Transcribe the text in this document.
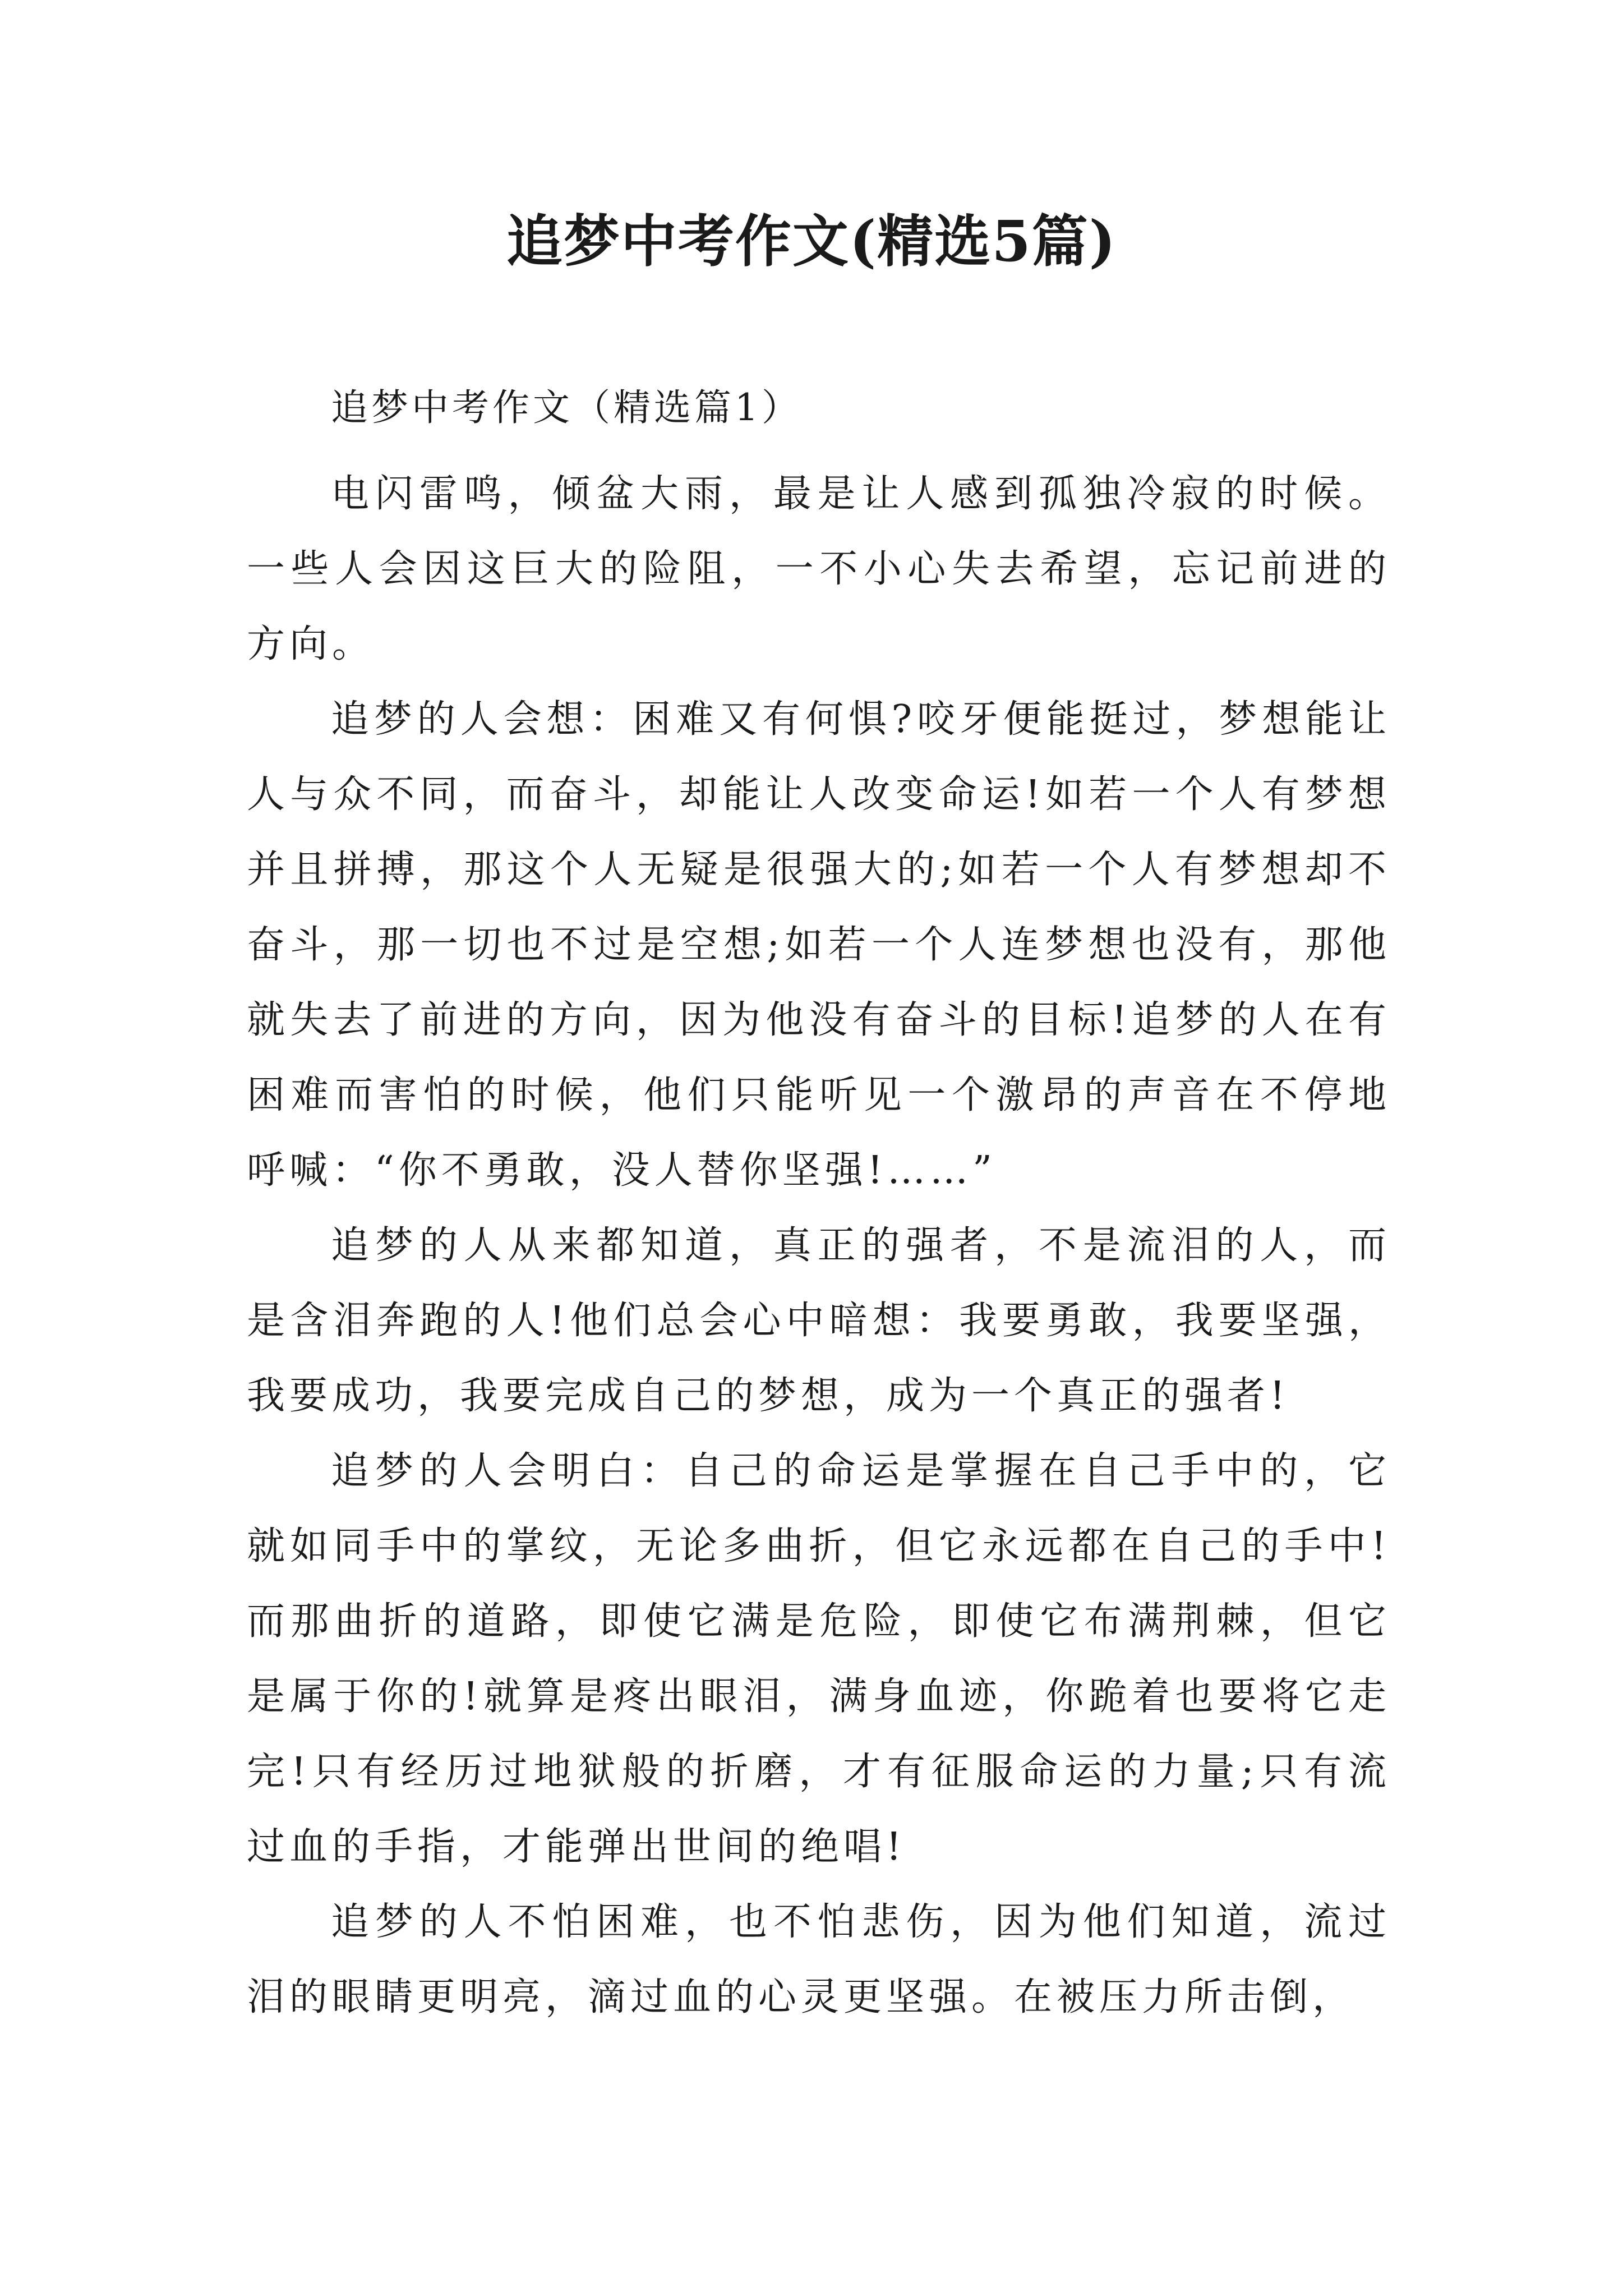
追梦中考作文(精选5篇)

追梦中考作文（精选篇1）

电闪雷鸣，倾盆大雨，最是让人感到孤独冷寂的时候。一些人会因这巨大的险阻，一不小心失去希望，忘记前进的方向。

追梦的人会想：困难又有何惧?咬牙便能挺过，梦想能让人与众不同，而奋斗，却能让人改变命运!如若一个人有梦想并且拼搏，那这个人无疑是很强大的;如若一个人有梦想却不奋斗，那一切也不过是空想;如若一个人连梦想也没有，那他就失去了前进的方向，因为他没有奋斗的目标!追梦的人在有困难而害怕的时候，他们只能听见一个激昂的声音在不停地呼喊：“你不勇敢，没人替你坚强!……”

追梦的人从来都知道，真正的强者，不是流泪的人，而是含泪奔跑的人!他们总会心中暗想：我要勇敢，我要坚强，我要成功，我要完成自己的梦想，成为一个真正的强者!

追梦的人会明白：自己的命运是掌握在自己手中的，它就如同手中的掌纹，无论多曲折，但它永远都在自己的手中!而那曲折的道路，即使它满是危险，即使它布满荆棘，但它是属于你的!就算是疼出眼泪，满身血迹，你跪着也要将它走完!只有经历过地狱般的折磨，才有征服命运的力量;只有流过血的手指，才能弹出世间的绝唱!

追梦的人不怕困难，也不怕悲伤，因为他们知道，流过泪的眼睛更明亮，滴过血的心灵更坚强。在被压力所击倒，
